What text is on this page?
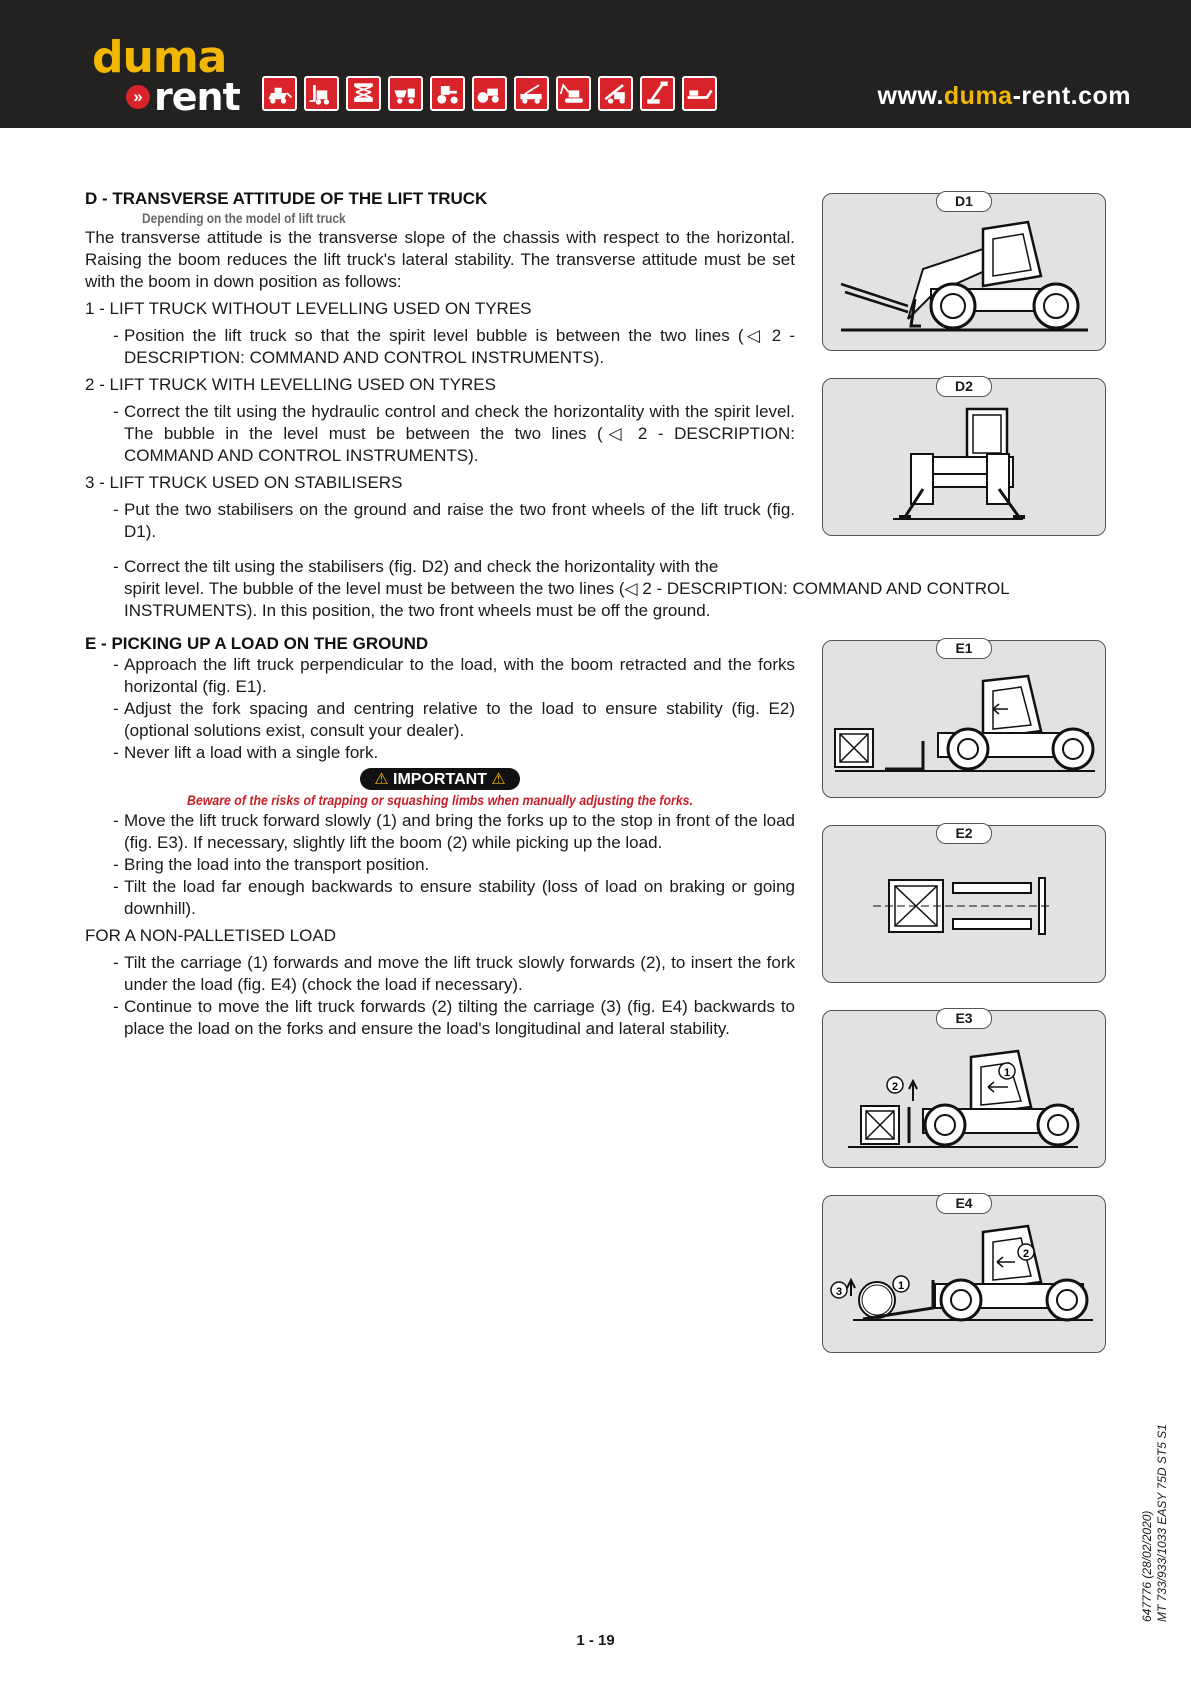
duma
» rent	www.duma-rent.com
D - TRANSVERSE ATTITUDE OF THE LIFT TRUCK
Depending on the model of lift truck
The transverse attitude is the transverse slope of the chassis with respect to the horizontal. Raising the boom reduces the lift truck's lateral stability. The transverse attitude must be set with the boom in down position as follows:
1 - LIFT TRUCK WITHOUT LEVELLING USED ON TYRES
- Position the lift truck so that the spirit level bubble is between the two lines (◁ 2 - DESCRIPTION: COMMAND AND CONTROL INSTRUMENTS).
2 - LIFT TRUCK WITH LEVELLING USED ON TYRES
- Correct the tilt using the hydraulic control and check the horizontality with the spirit level. The bubble in the level must be between the two lines (◁ 2 - DESCRIPTION: COMMAND AND CONTROL INSTRUMENTS).
3 - LIFT TRUCK USED ON STABILISERS
- Put the two stabilisers on the ground and raise the two front wheels of the lift truck (fig. D1).
- Correct the tilt using the stabilisers (fig. D2) and check the horizontality with the
spirit level. The bubble of the level must be between the two lines (◁ 2 - DESCRIPTION: COMMAND AND CONTROL
INSTRUMENTS). In this position, the two front wheels must be off the ground.
E - PICKING UP A LOAD ON THE GROUND
- Approach the lift truck perpendicular to the load, with the boom retracted and the forks horizontal (fig. E1).
- Adjust the fork spacing and centring relative to the load to ensure stability (fig. E2) (optional solutions exist, consult your dealer).
- Never lift a load with a single fork.
⚠ IMPORTANT ⚠
Beware of the risks of trapping or squashing limbs when manually adjusting the forks.
- Move the lift truck forward slowly (1) and bring the forks up to the stop in front of the load (fig. E3). If necessary, slightly lift the boom (2) while picking up the load.
- Bring the load into the transport position.
- Tilt the load far enough backwards to ensure stability (loss of load on braking or going downhill).
FOR A NON-PALLETISED LOAD
- Tilt the carriage (1) forwards and move the lift truck slowly forwards (2), to insert the fork under the load (fig. E4) (chock the load if necessary).
- Continue to move the lift truck forwards (2) tilting the carriage (3) (fig. E4) backwards to place the load on the forks and ensure the load's longitudinal and lateral stability.
D1
D2
E1
E2
2
1
E3
3	1
2
E4
1 - 19
647776 (28/02/2020) MT 733/933/1033 EASY 75D ST5 S1
